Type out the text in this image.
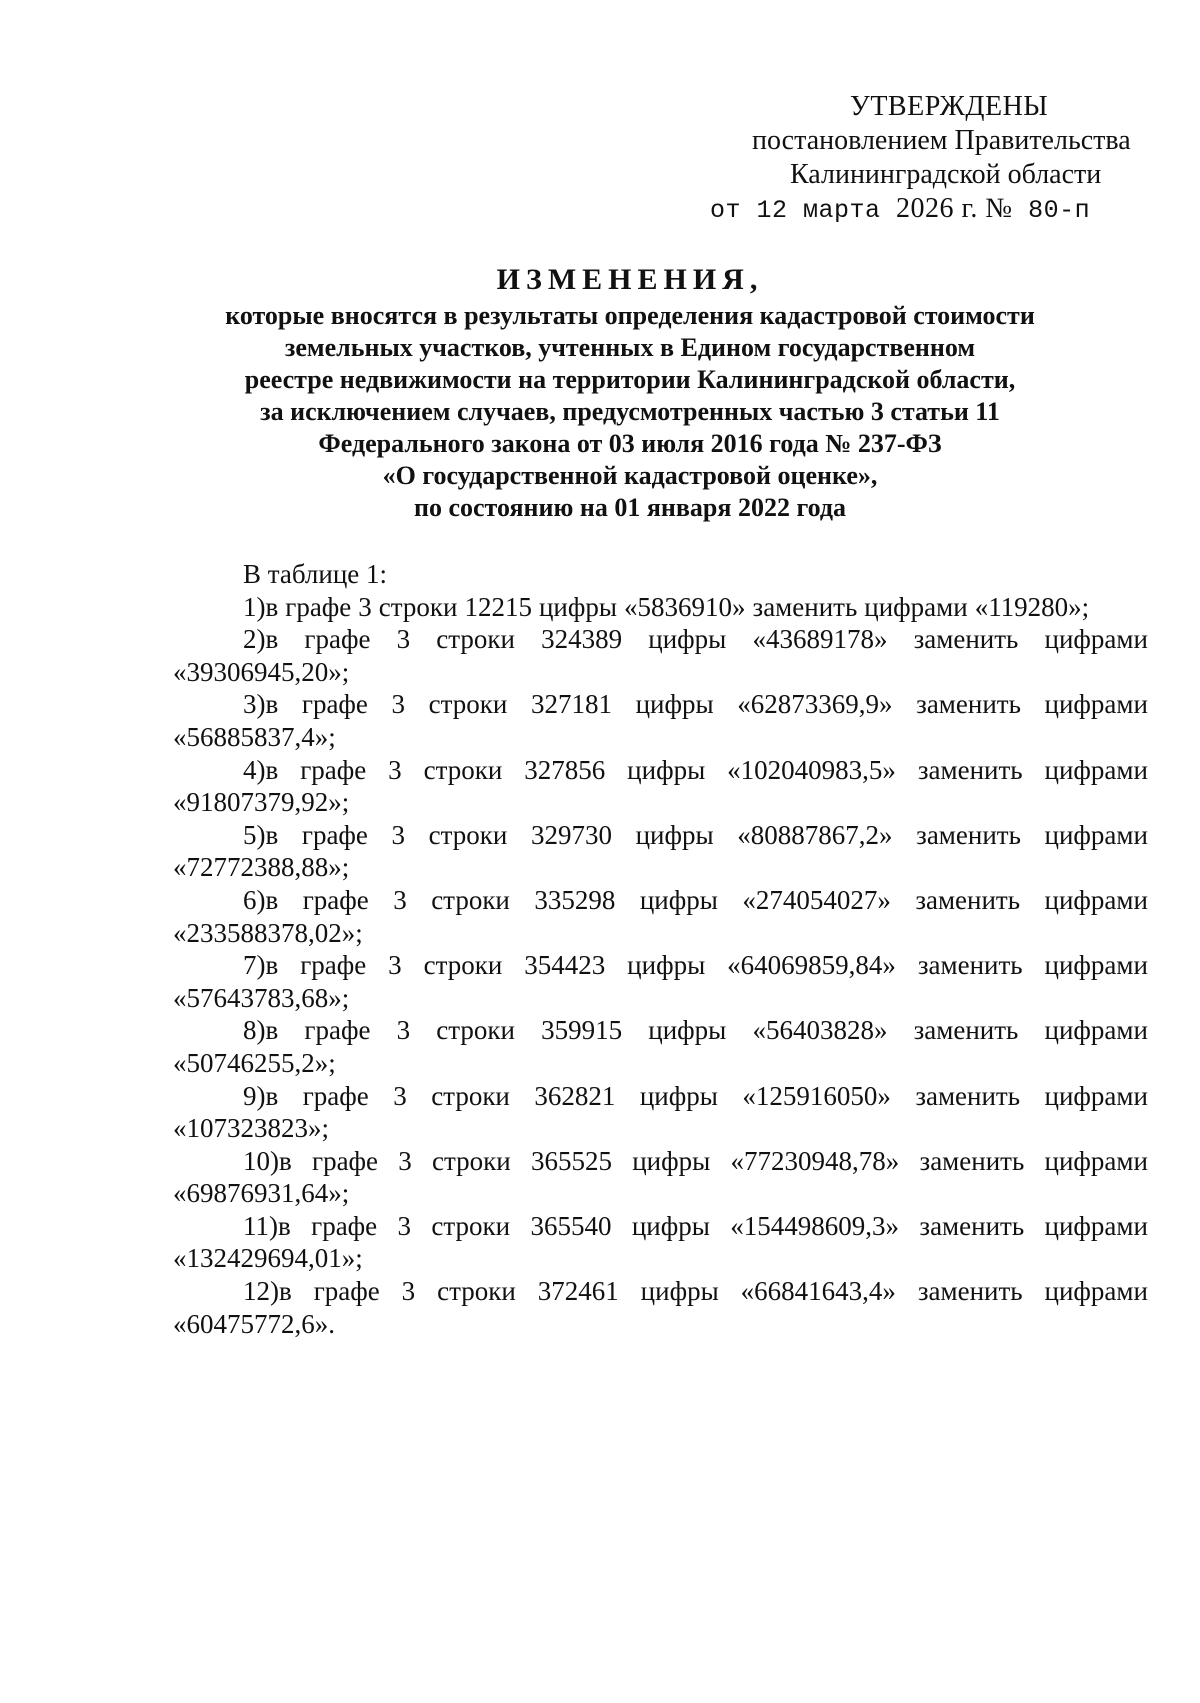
УТВЕРЖДЕНЫ
постановлением Правительства
Калининградской области
от 12 марта 2026 г. № 80-п
ИЗМЕНЕНИЯ,
которые вносятся в результаты определения кадастровой стоимости
земельных участков, учтенных в Едином государственном
реестре недвижимости на территории Калининградской области,
за исключением случаев, предусмотренных частью 3 статьи 11
Федерального закона от 03 июля 2016 года № 237-ФЗ
«О государственной кадастровой оценке»,
по состоянию на 01 января 2022 года

В таблице 1:

1)в графе 3 строки 12215 цифры «5836910» заменить цифрами «119280»;
2)в графе 3 строки 324389 цифры «43689178» заменить цифрами
«39306945,20»;
3)в графе 3 строки 327181 цифры «62873369,9» заменить цифрами
«56885837,4»;
4)в графе 3 строки 327856 цифры «102040983,5» заменить цифрами
«91807379,92»;
5)в графе 3 строки 329730 цифры «80887867,2» заменить цифрами
«72772388,88»;
6)в графе 3 строки 335298 цифры «274054027» заменить цифрами
«233588378,02»;
7)в графе 3 строки 354423 цифры «64069859,84» заменить цифрами
«57643783,68»;
8)в графе 3 строки 359915 цифры «56403828» заменить цифрами
«50746255,2»;
9)в графе 3 строки 362821 цифры «125916050» заменить цифрами
«107323823»;
10)в графе 3 строки 365525 цифры «77230948,78» заменить цифрами
«69876931,64»;
11)в графе 3 строки 365540 цифры «154498609,3» заменить цифрами
«132429694,01»;
12)в графе 3 строки 372461 цифры «66841643,4» заменить цифрами
«60475772,6».
